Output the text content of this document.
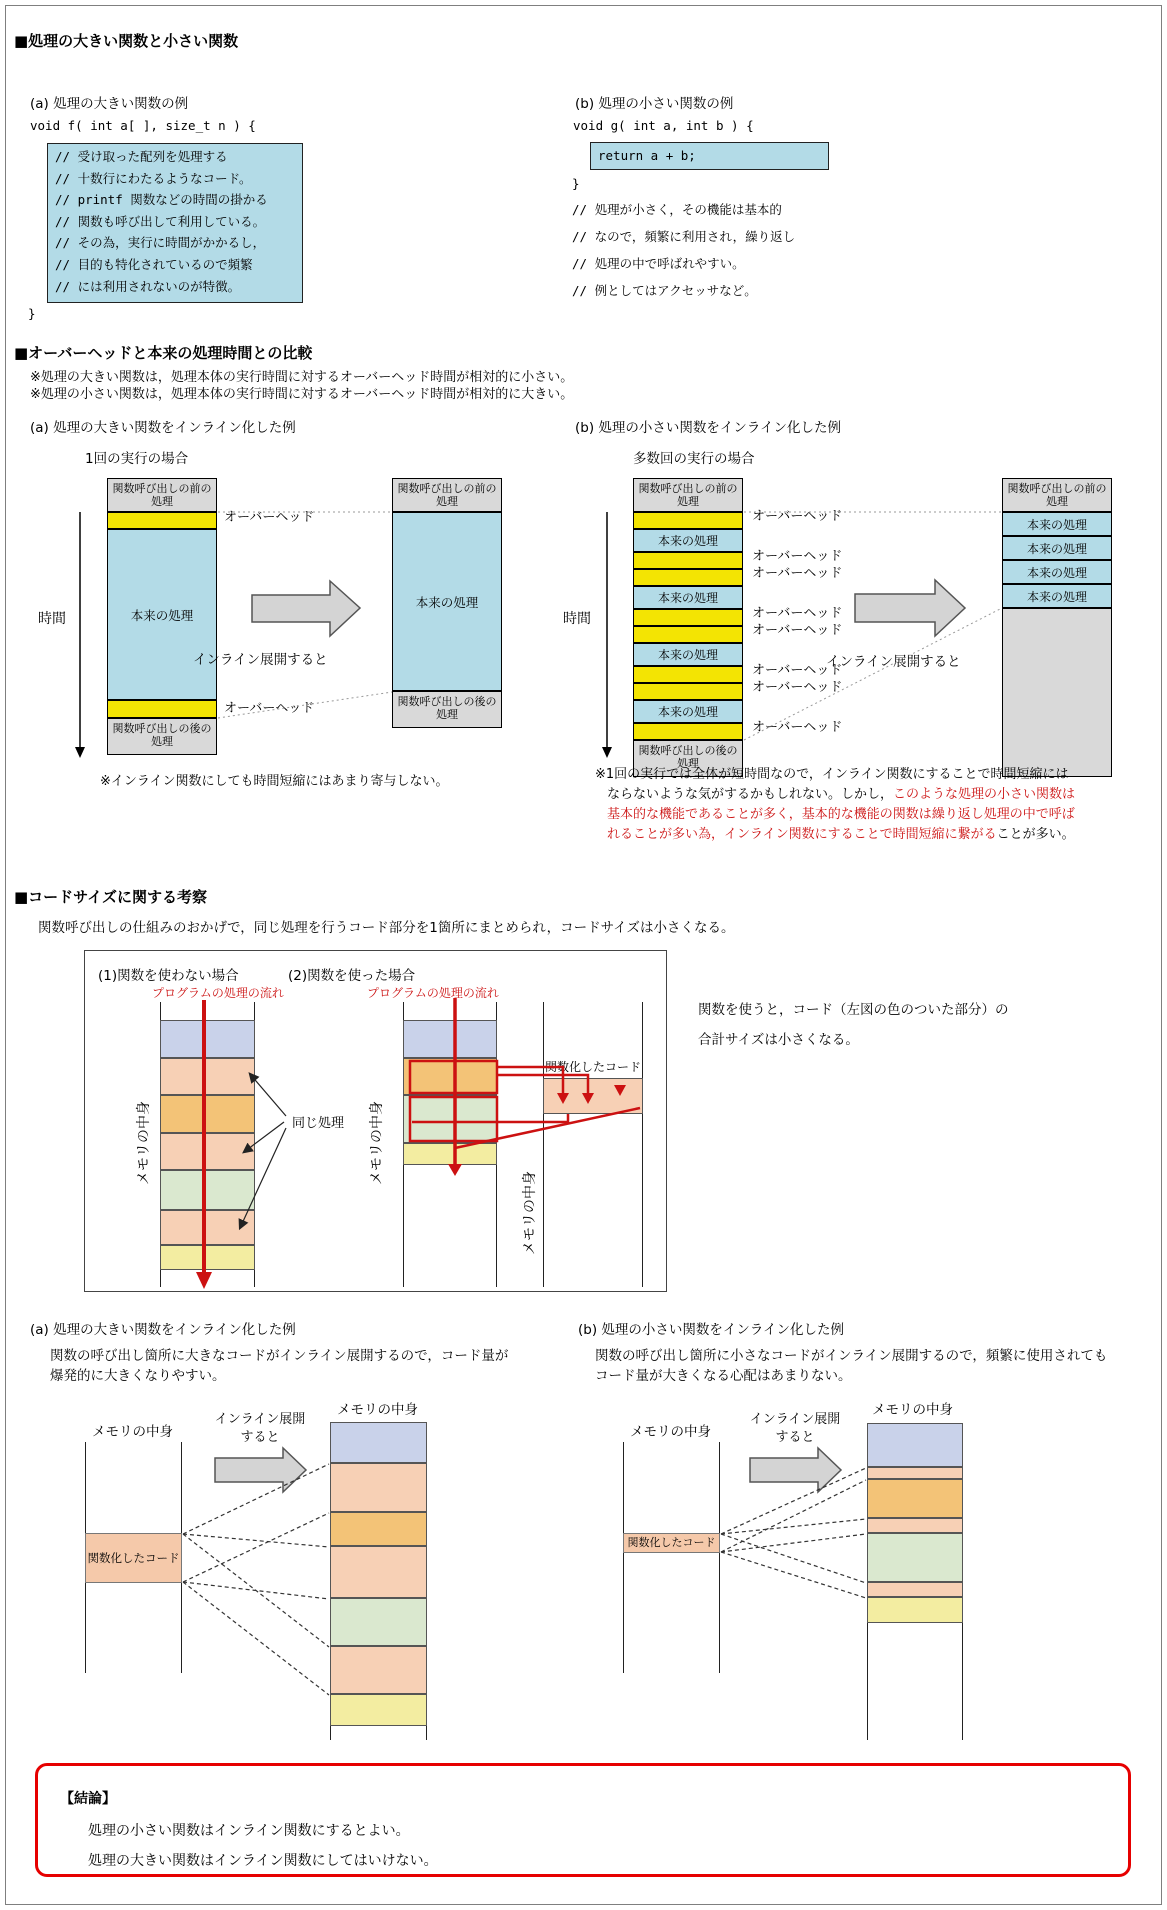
■処理の大きい関数と小さい関数
(a) 処理の大きい関数の例
void f( int a[ ], size_t n ) {
// 受け取った配列を処理する
// 十数行にわたるようなコード。
// printf 関数などの時間の掛かる
// 関数も呼び出して利用している。
// その為，実行に時間がかかるし，
// 目的も特化されているので頻繁
// には利用されないのが特徴。
}
(b) 処理の小さい関数の例
void g( int a, int b ) {
return a + b;
}
// 処理が小さく，その機能は基本的
// なので，頻繁に利用され，繰り返し
// 処理の中で呼ばれやすい。
// 例としてはアクセッサなど。
■オーバーヘッドと本来の処理時間との比較
※処理の大きい関数は，処理本体の実行時間に対するオーバーヘッド時間が相対的に小さい。
※処理の小さい関数は，処理本体の実行時間に対するオーバーヘッド時間が相対的に大きい。
(a) 処理の大きい関数をインライン化した例
1回の実行の場合
(b) 処理の小さい関数をインライン化した例
多数回の実行の場合
時間
関数呼び出しの前の処理
本来の処理
関数呼び出しの後の処理
オーバーヘッド
オーバーヘッド
インライン展開すると
関数呼び出しの前の処理
本来の処理
関数呼び出しの後の処理
時間
関数呼び出しの前の処理
本来の処理
本来の処理
本来の処理
本来の処理
関数呼び出しの後の処理
オーバーヘッド
オーバーヘッド
オーバーヘッド
オーバーヘッド
オーバーヘッド
オーバーヘッド
オーバーヘッド
オーバーヘッド
インライン展開すると
関数呼び出しの前の処理
本来の処理
本来の処理
本来の処理
本来の処理
※インライン関数にしても時間短縮にはあまり寄与しない。	※1回の実行では全体が短時間なので，インライン関数にすることで時間短縮には
ならないような気がするかもしれない。しかし，このような処理の小さい関数は
基本的な機能であることが多く，基本的な機能の関数は繰り返し処理の中で呼ば
れることが多い為，インライン関数にすることで時間短縮に繋がることが多い。
■コードサイズに関する考察
関数呼び出しの仕組みのおかげで，同じ処理を行うコード部分を1箇所にまとめられ，コードサイズは小さくなる。
(1)関数を使わない場合	(2)関数を使った場合
プログラムの処理の流れ	プログラムの処理の流れ
メモリの中身	同じ処理 メモリの中身
関数化したコード
メモリの中身
関数を使うと，コード（左図の色のついた部分）の
合計サイズは小さくなる。
(a) 処理の大きい関数をインライン化した例
関数の呼び出し箇所に大きなコードがインライン展開するので，コード量が
爆発的に大きくなりやすい。
(b) 処理の小さい関数をインライン化した例
関数の呼び出し箇所に小さなコードがインライン展開するので，頻繁に使用されても
コード量が大きくなる心配はあまりない。
メモリの中身
関数化したコード
インライン展開
すると
メモリの中身
メモリの中身
関数化したコード
インライン展開
すると
メモリの中身
【結論】
処理の小さい関数はインライン関数にするとよい。
処理の大きい関数はインライン関数にしてはいけない。
